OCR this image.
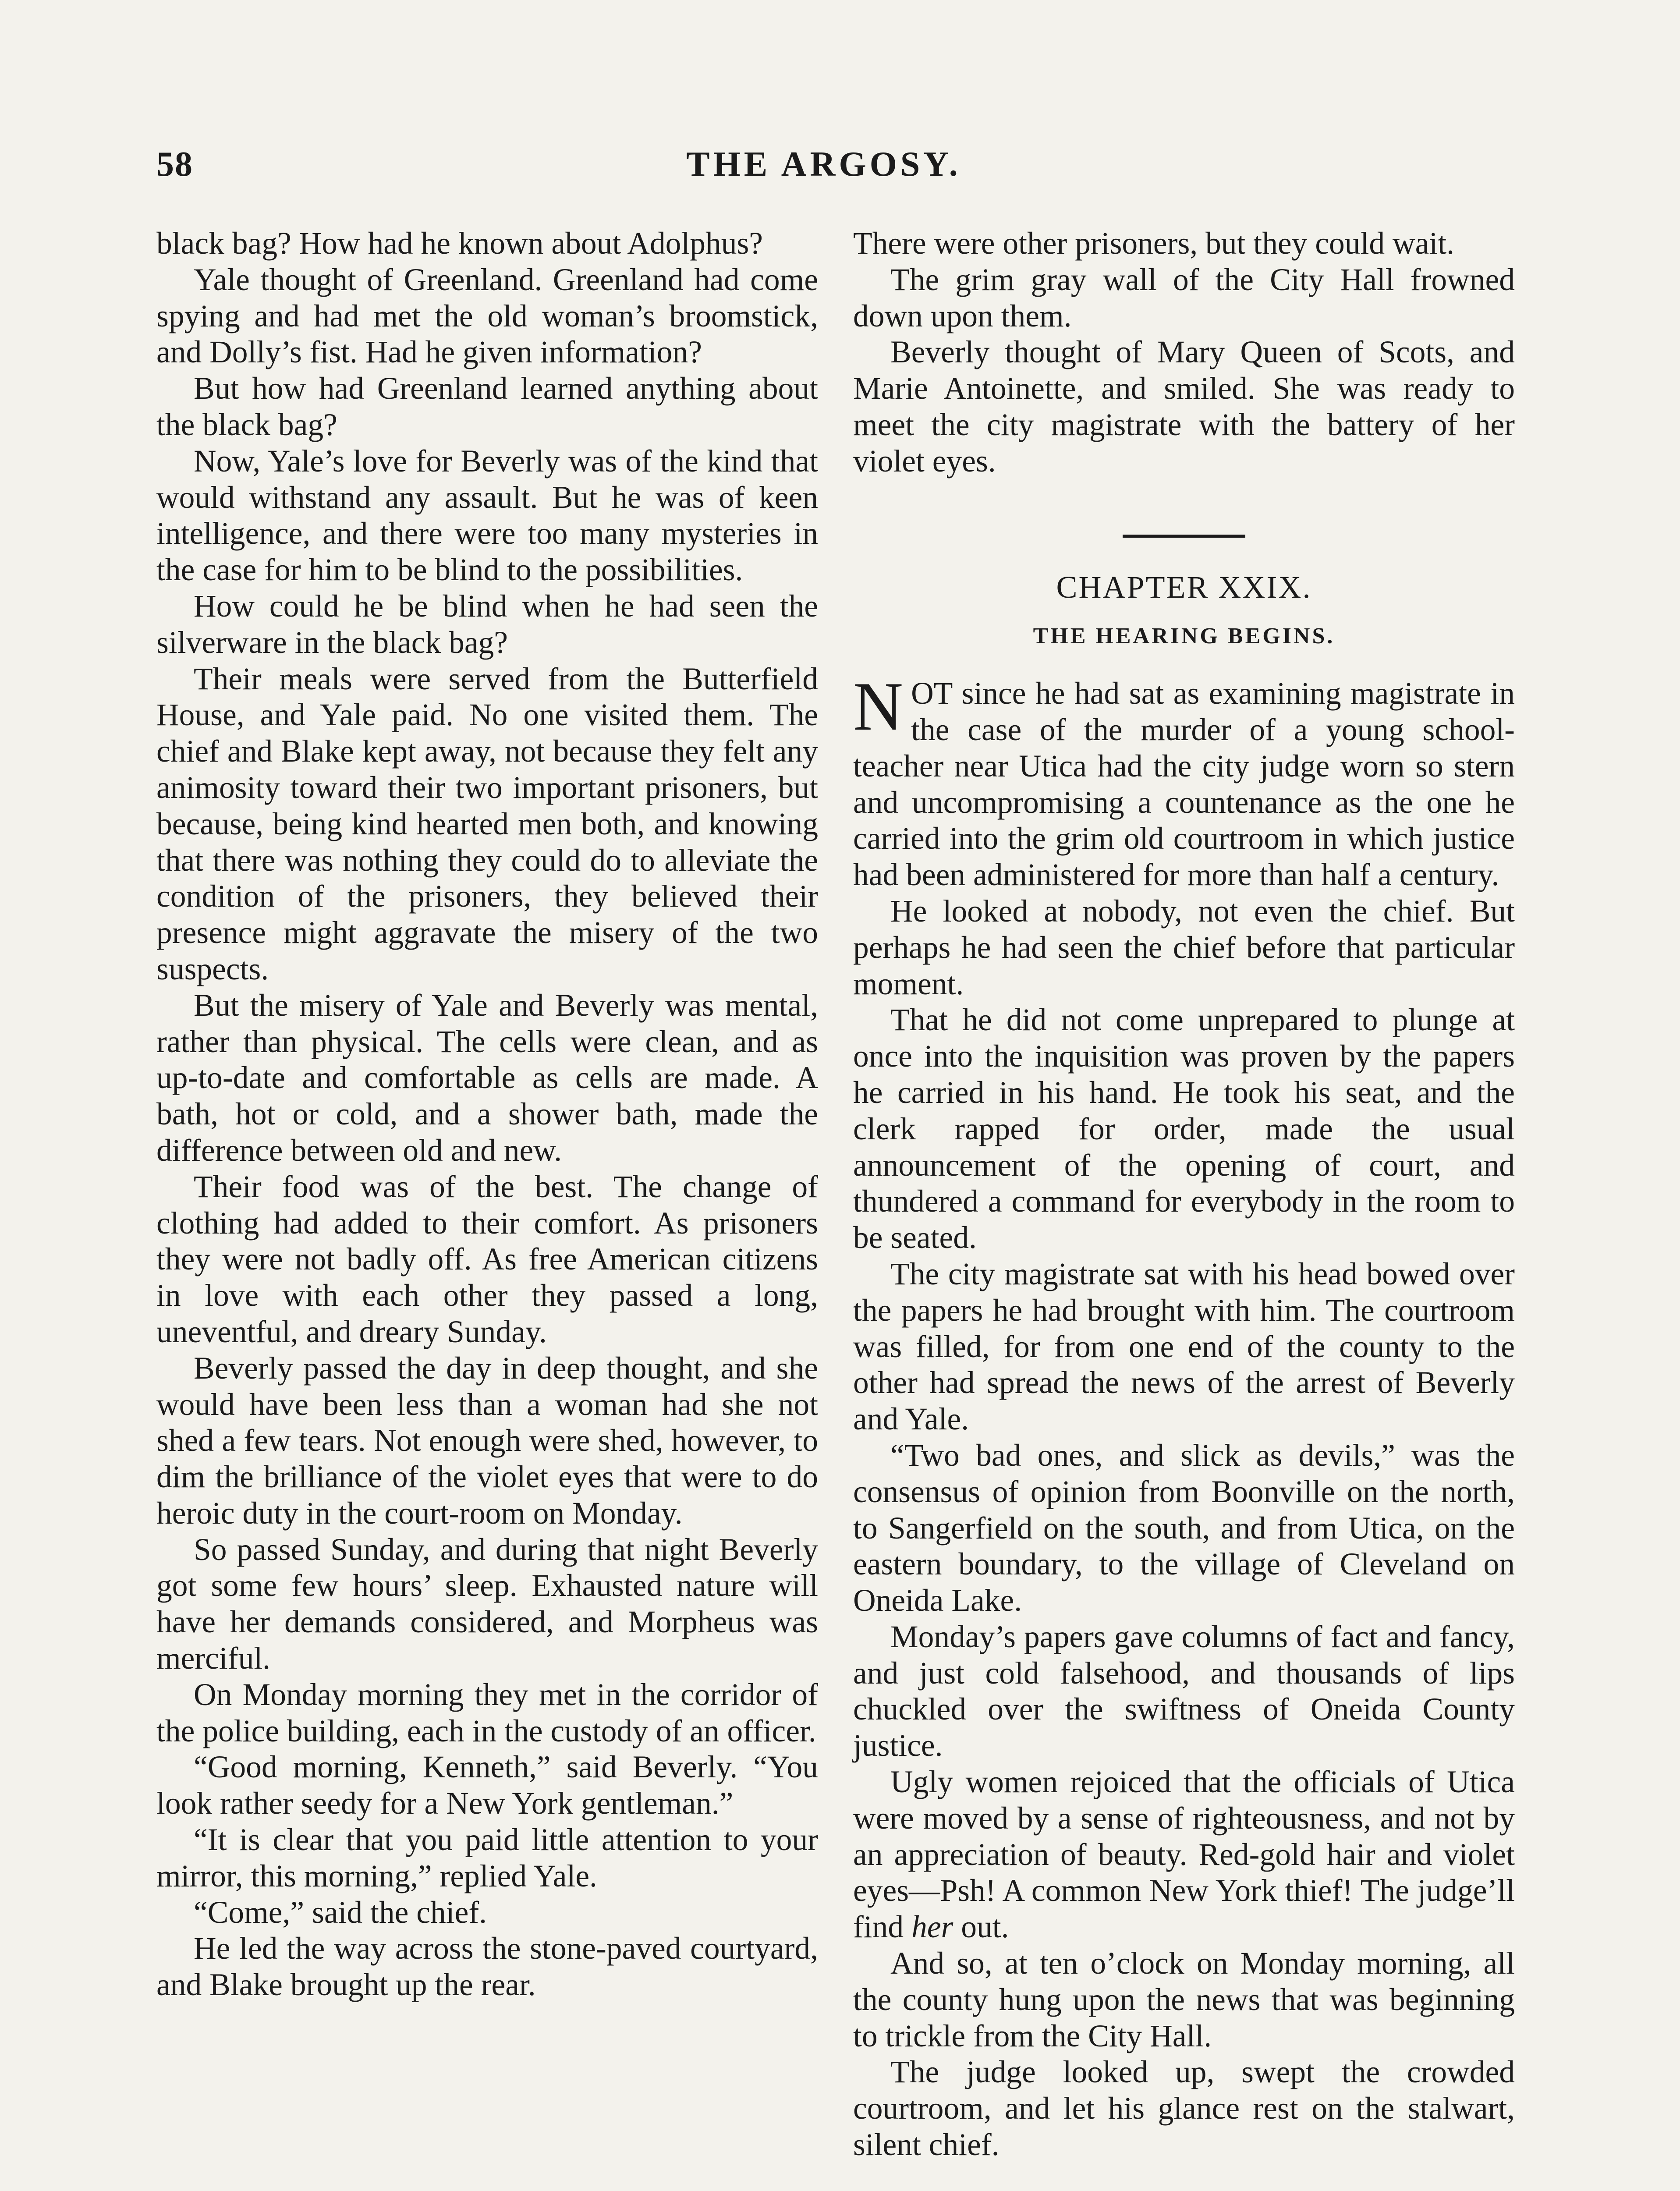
58	THE ARGOSY.

black bag? How had he known about Adolphus?

Yale thought of Greenland. Greenland had come spying and had met the old woman’s broomstick, and Dolly’s fist. Had he given information?

But how had Greenland learned anything about the black bag?

Now, Yale’s love for Beverly was of the kind that would withstand any assault. But he was of keen intelligence, and there were too many mysteries in the case for him to be blind to the possibilities.

How could he be blind when he had seen the silverware in the black bag?

Their meals were served from the Butterfield House, and Yale paid. No one visited them. The chief and Blake kept away, not because they felt any animosity toward their two important prisoners, but because, being kind hearted men both, and knowing that there was nothing they could do to alleviate the condition of the prisoners, they believed their presence might aggravate the misery of the two suspects.

But the misery of Yale and Beverly was mental, rather than physical. The cells were clean, and as up-to-date and comfortable as cells are made. A bath, hot or cold, and a shower bath, made the difference between old and new.

Their food was of the best. The change of clothing had added to their comfort. As prisoners they were not badly off. As free American citizens in love with each other they passed a long, uneventful, and dreary Sunday.

Beverly passed the day in deep thought, and she would have been less than a woman had she not shed a few tears. Not enough were shed, however, to dim the brilliance of the violet eyes that were to do heroic duty in the court-room on Monday.

So passed Sunday, and during that night Beverly got some few hours’ sleep. Exhausted nature will have her demands considered, and Morpheus was merciful.

On Monday morning they met in the corridor of the police building, each in the custody of an officer.

“Good morning, Kenneth,” said Beverly. “You look rather seedy for a New York gentleman.”

“It is clear that you paid little attention to your mirror, this morning,” replied Yale.

“Come,” said the chief.

He led the way across the stone-paved courtyard, and Blake brought up the rear.

There were other prisoners, but they could wait.

The grim gray wall of the City Hall frowned down upon them.

Beverly thought of Mary Queen of Scots, and Marie Antoinette, and smiled. She was ready to meet the city magistrate with the battery of her violet eyes.

CHAPTER XXIX.
THE HEARING BEGINS.

NOT since he had sat as examining magistrate in the case of the murder of a young school-teacher near Utica had the city judge worn so stern and uncompromising a countenance as the one he carried into the grim old courtroom in which justice had been administered for more than half a century.

He looked at nobody, not even the chief. But perhaps he had seen the chief before that particular moment.

That he did not come unprepared to plunge at once into the inquisition was proven by the papers he carried in his hand. He took his seat, and the clerk rapped for order, made the usual announcement of the opening of court, and thundered a command for everybody in the room to be seated.

The city magistrate sat with his head bowed over the papers he had brought with him. The courtroom was filled, for from one end of the county to the other had spread the news of the arrest of Beverly and Yale.

“Two bad ones, and slick as devils,” was the consensus of opinion from Boonville on the north, to Sangerfield on the south, and from Utica, on the eastern boundary, to the village of Cleveland on Oneida Lake.

Monday’s papers gave columns of fact and fancy, and just cold falsehood, and thousands of lips chuckled over the swiftness of Oneida County justice.

Ugly women rejoiced that the officials of Utica were moved by a sense of righteousness, and not by an appreciation of beauty. Red-gold hair and violet eyes—Psh! A common New York thief! The judge’ll find her out.

And so, at ten o’clock on Monday morning, all the county hung upon the news that was beginning to trickle from the City Hall.

The judge looked up, swept the crowded courtroom, and let his glance rest on the stalwart, silent chief.
